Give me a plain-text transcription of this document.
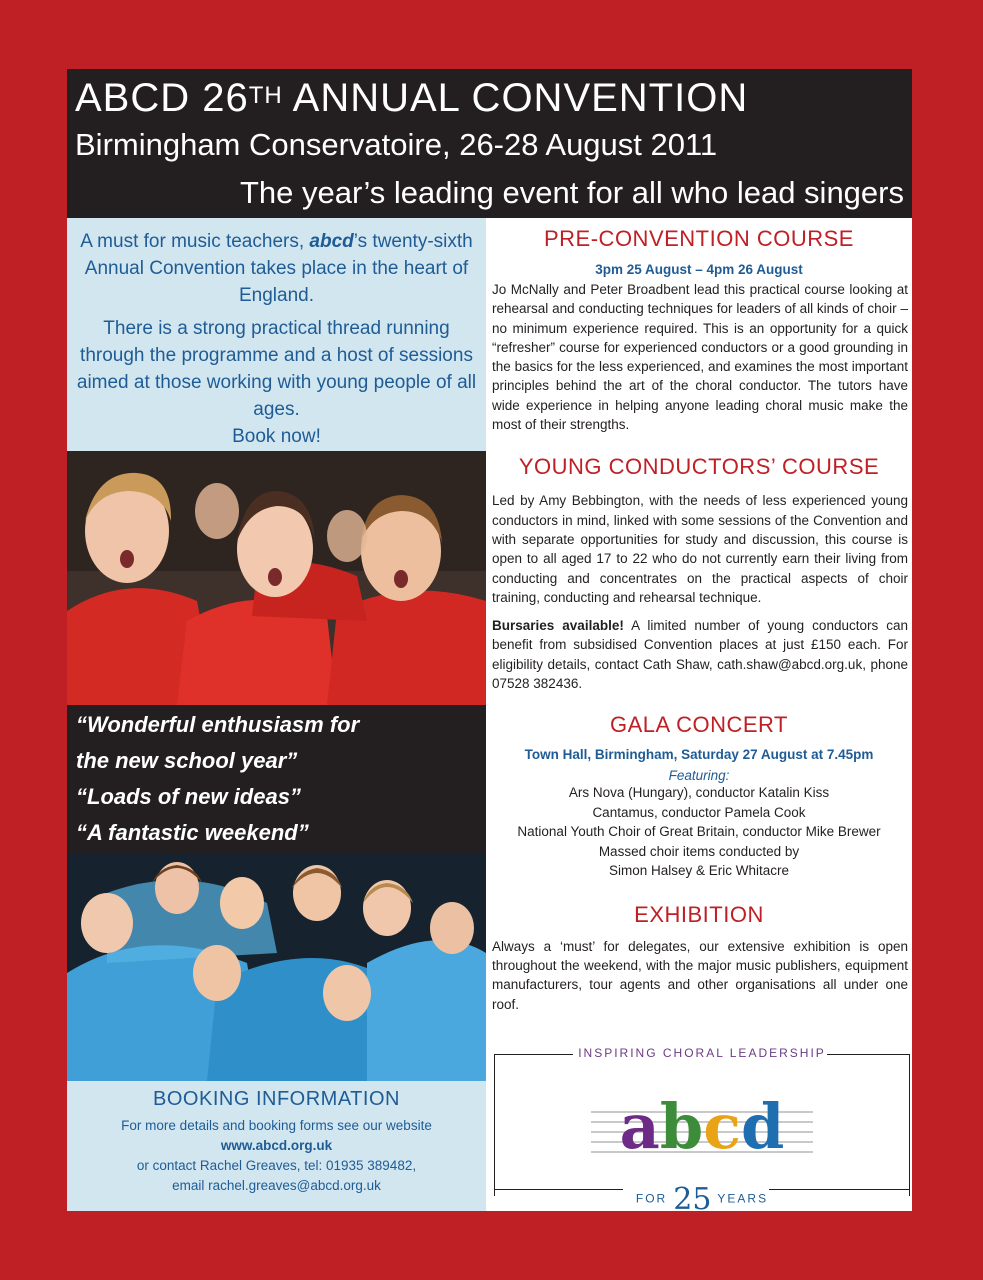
ABCD 26TH ANNUAL CONVENTION
Birmingham Conservatoire, 26-28 August 2011
The year’s leading event for all who lead singers

A must for music teachers, abcd’s twenty-sixth Annual Convention takes place in the heart of England.

There is a strong practical thread running through the programme and a host of sessions aimed at those working with young people of all ages.

Book now!

“Wonderful enthusiasm for
the new school year”
“Loads of new ideas”
“A fantastic weekend”
BOOKING INFORMATION
For more details and booking forms see our website
www.abcd.org.uk
or contact Rachel Greaves, tel: 01935 389482,
email rachel.greaves@abcd.org.uk
PRE-CONVENTION COURSE
3pm 25 August – 4pm 26 August

Jo McNally and Peter Broadbent lead this practical course looking at rehearsal and conducting techniques for leaders of all kinds of choir – no minimum experience required. This is an opportunity for a quick “refresher” course for experienced conductors or a good grounding in the basics for the less experienced, and examines the most important principles behind the art of the choral conductor. The tutors have wide experience in helping anyone leading choral music make the most of their strengths.

YOUNG CONDUCTORS’ COURSE

Led by Amy Bebbington, with the needs of less experienced young conductors in mind, linked with some sessions of the Convention and with separate opportunities for study and discussion, this course is open to all aged 17 to 22 who do not currently earn their living from conducting and concentrates on the practical aspects of choir training, conducting and rehearsal technique.

Bursaries available! A limited number of young conductors can benefit from subsidised Convention places at just £150 each. For eligibility details, contact Cath Shaw, cath.shaw@abcd.org.uk, phone 07528 382436.

GALA CONCERT
Town Hall, Birmingham, Saturday 27 August at 7.45pm
Featuring:
Ars Nova (Hungary), conductor Katalin Kiss
Cantamus, conductor Pamela Cook
National Youth Choir of Great Britain, conductor Mike Brewer
Massed choir items conducted by
Simon Halsey & Eric Whitacre
EXHIBITION

Always a ‘must’ for delegates, our extensive exhibition is open throughout the weekend, with the major music publishers, equipment manufacturers, tour agents and other organisations all under one roof.

INSPIRING CHORAL LEADERSHIP
abcd
FOR 25 YEARS
